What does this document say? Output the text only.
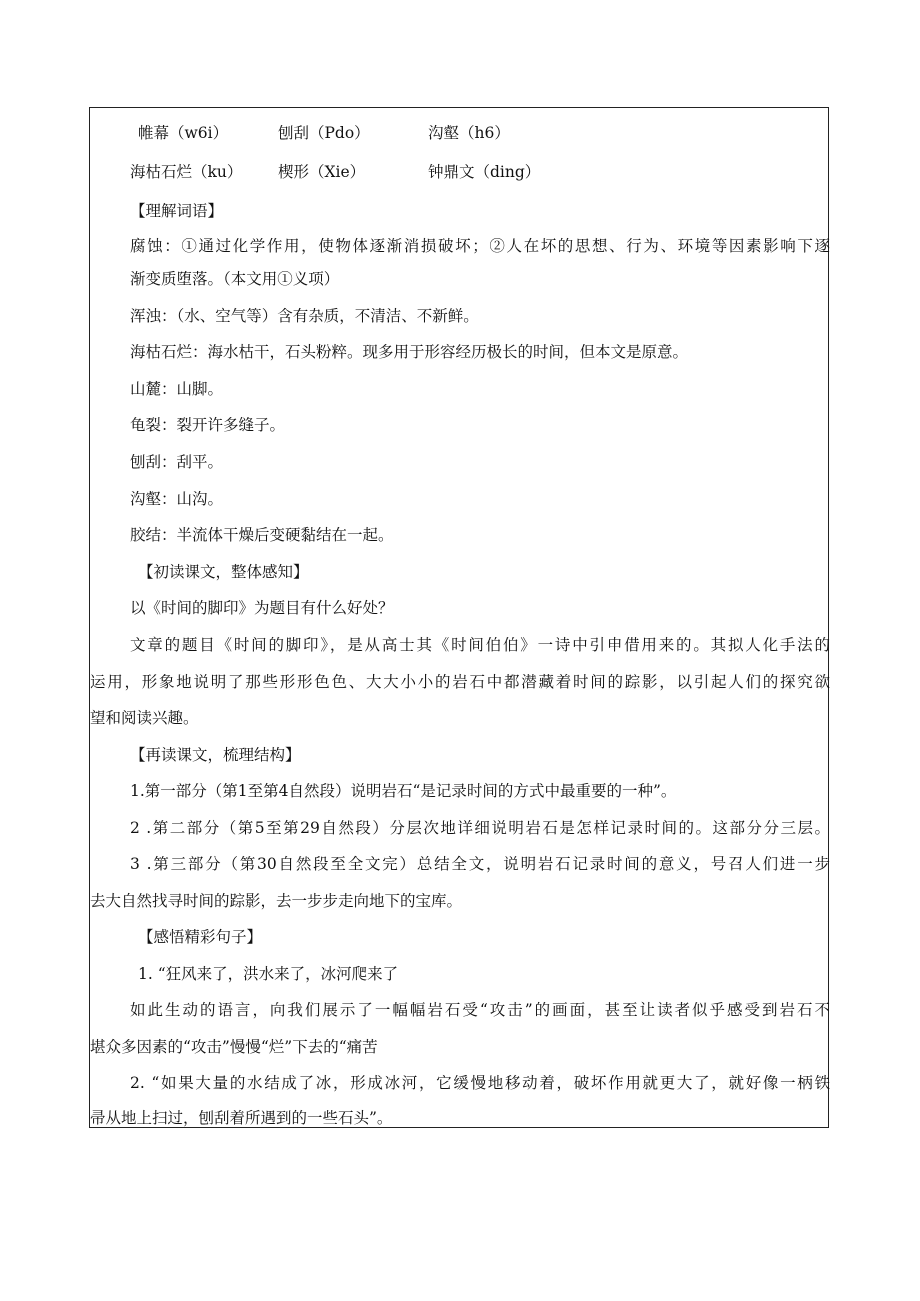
帷幕（w6i）	刨刮（Pdo）	沟壑（h6）
海枯石烂（ku） 楔形（Xie）	钟鼎文（ding）
【理解词语】
腐蚀：①通过化学作用，使物体逐渐消损破坏；②人在坏的思想、行为、环境等因素影响下逐
渐变质堕落。（本文用①义项）
浑浊：（水、空气等）含有杂质，不清洁、不新鲜。
海枯石烂：海水枯干，石头粉粹。现多用于形容经历极长的时间，但本文是原意。
山麓：山脚。
龟裂：裂开许多缝子。
刨刮：刮平。
沟壑：山沟。
胶结：半流体干燥后变硬黏结在一起。
【初读课文，整体感知】
以《时间的脚印》为题目有什么好处？
文章的题目《时间的脚印》，是从高士其《时间伯伯》一诗中引申借用来的。其拟人化手法的
运用，形象地说明了那些形形色色、大大小小的岩石中都潜藏着时间的踪影，以引起人们的探究欲
望和阅读兴趣。
【再读课文，梳理结构】
1.第一部分（第1至第4自然段）说明岩石“是记录时间的方式中最重要的一种”。
2 .第二部分（第5至第29自然段）分层次地详细说明岩石是怎样记录时间的。这部分分三层。
3 .第三部分（第30自然段至全文完）总结全文，说明岩石记录时间的意义，号召人们进一步
去大自然找寻时间的踪影，去一步步走向地下的宝库。
【感悟精彩句子】
1. “狂风来了，洪水来了，冰河爬来了
如此生动的语言，向我们展示了一幅幅岩石受“攻击”的画面，甚至让读者似乎感受到岩石不
堪众多因素的“攻击”慢慢“烂”下去的“痛苦
2. “如果大量的水结成了冰，形成冰河，它缓慢地移动着，破坏作用就更大了，就好像一柄铁
帚从地上扫过，刨刮着所遇到的一些石头”。
